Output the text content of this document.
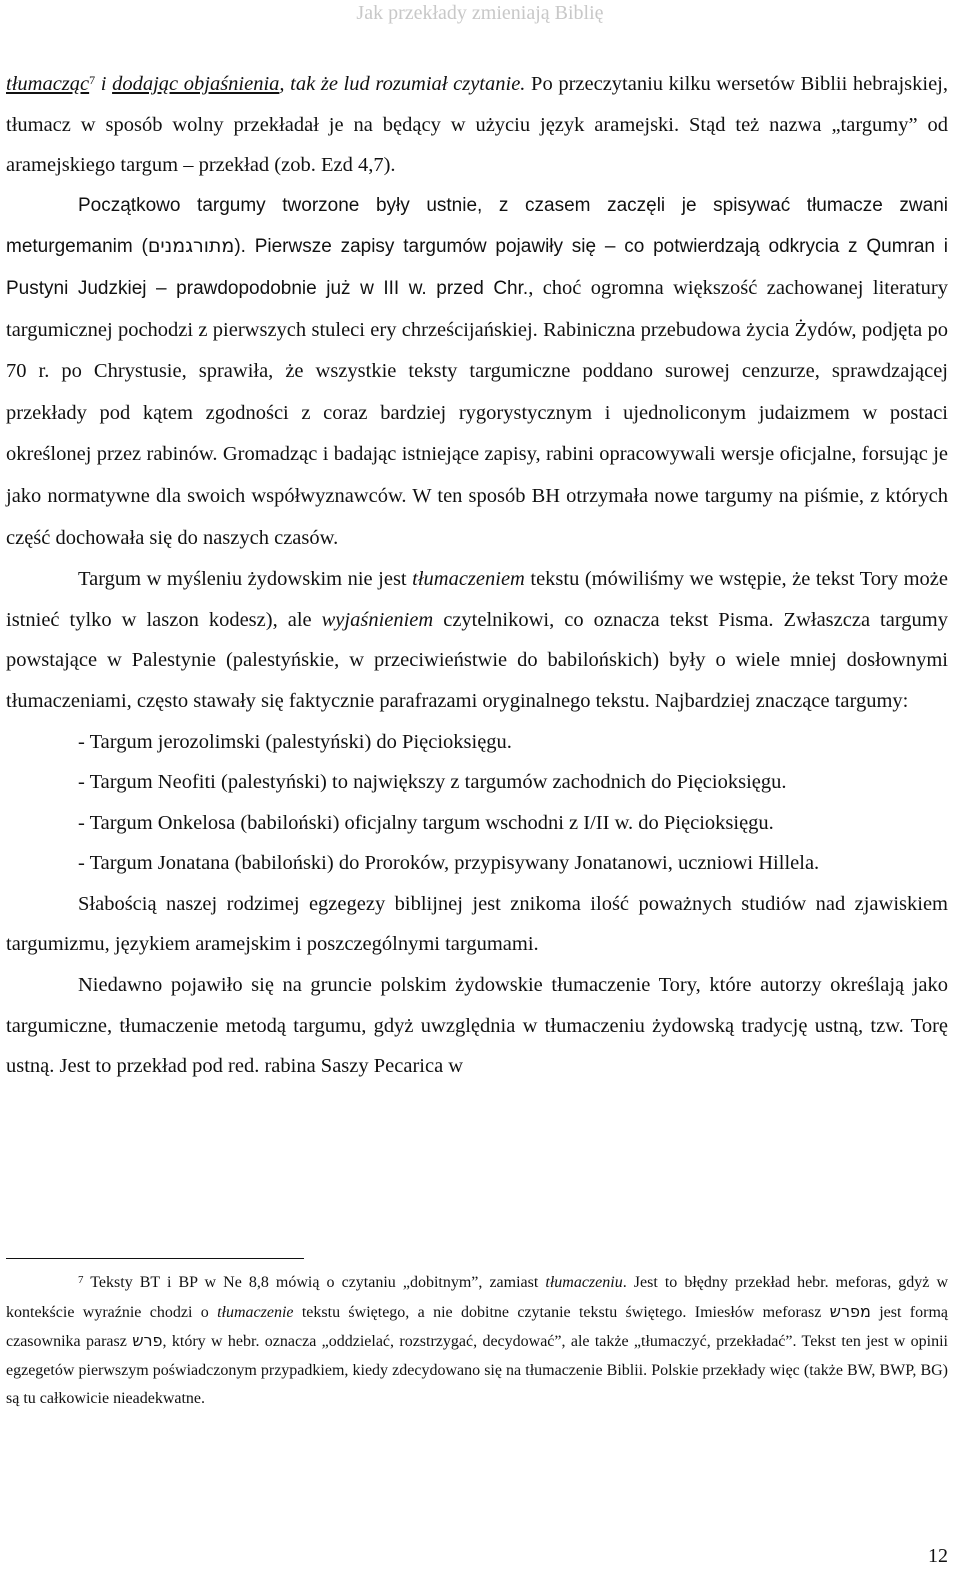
Jak przekłady zmieniają Biblię

tłumacząc$^7$ i dodając objaśnienia, tak że lud rozumiał czytanie. Po przeczytaniu kilku wersetów Biblii hebrajskiej, tłumacz w sposób wolny przekładał je na będący w użyciu język aramejski. Stąd też nazwa „targumy” od aramejskiego targum – przekład (zob. Ezd 4,7).

Początkowo targumy tworzone były ustnie, z czasem zaczęli je spisywać tłumacze zwani meturgemanim (מתורגמנים). Pierwsze zapisy targumów pojawiły się – co potwierdzają odkrycia z Qumran i Pustyni Judzkiej – prawdopodobnie już w III w. przed Chr., choć ogromna większość zachowanej literatury targumicznej pochodzi z pierwszych stuleci ery chrześcijańskiej. Rabiniczna przebudowa życia Żydów, podjęta po 70 r. po Chrystusie, sprawiła, że wszystkie teksty targumiczne poddano surowej cenzurze, sprawdzającej przekłady pod kątem zgodności z coraz bardziej rygorystycznym i ujednoliconym judaizmem w postaci określonej przez rabinów. Gromadząc i badając istniejące zapisy, rabini opracowywali wersje oficjalne, forsując je jako normatywne dla swoich współwyznawców. W ten sposób BH otrzymała nowe targumy na piśmie, z których część dochowała się do naszych czasów.

Targum w myśleniu żydowskim nie jest tłumaczeniem tekstu (mówiliśmy we wstępie, że tekst Tory może istnieć tylko w laszon kodesz), ale wyjaśnieniem czytelnikowi, co oznacza tekst Pisma. Zwłaszcza targumy powstające w Palestynie (palestyńskie, w przeciwieństwie do babilońskich) były o wiele mniej dosłownymi tłumaczeniami, często stawały się faktycznie parafrazami oryginalnego tekstu. Najbardziej znaczące targumy:

- Targum jerozolimski (palestyński) do Pięcioksięgu.

- Targum Neofiti (palestyński) to największy z targumów zachodnich do Pięcioksięgu.

- Targum Onkelosa (babiloński) oficjalny targum wschodni z I/II w. do Pięcioksięgu.

- Targum Jonatana (babiloński) do Proroków, przypisywany Jonatanowi, uczniowi Hillela.

Słabością naszej rodzimej egzegezy biblijnej jest znikoma ilość poważnych studiów nad zjawiskiem targumizmu, językiem aramejskim i poszczególnymi targumami.

Niedawno pojawiło się na gruncie polskim żydowskie tłumaczenie Tory, które autorzy określają jako targumiczne, tłumaczenie metodą targumu, gdyż uwzględnia w tłumaczeniu żydowską tradycję ustną, tzw. Torę ustną. Jest to przekład pod red. rabina Saszy Pecarica w

$^7$ Teksty BT i BP w Ne 8,8 mówią o czytaniu „dobitnym”, zamiast tłumaczeniu. Jest to błędny przekład hebr. meforas, gdyż w kontekście wyraźnie chodzi o tłumaczenie tekstu świętego, a nie dobitne czytanie tekstu świętego. Imiesłów meforasz מפרש jest formą czasownika parasz פרש, który w hebr. oznacza „oddzielać, rozstrzygać, decydować”, ale także „tłumaczyć, przekładać”. Tekst ten jest w opinii egzegetów pierwszym poświadczonym przypadkiem, kiedy zdecydowano się na tłumaczenie Biblii. Polskie przekłady więc (także BW, BWP, BG) są tu całkowicie nieadekwatne.
12
